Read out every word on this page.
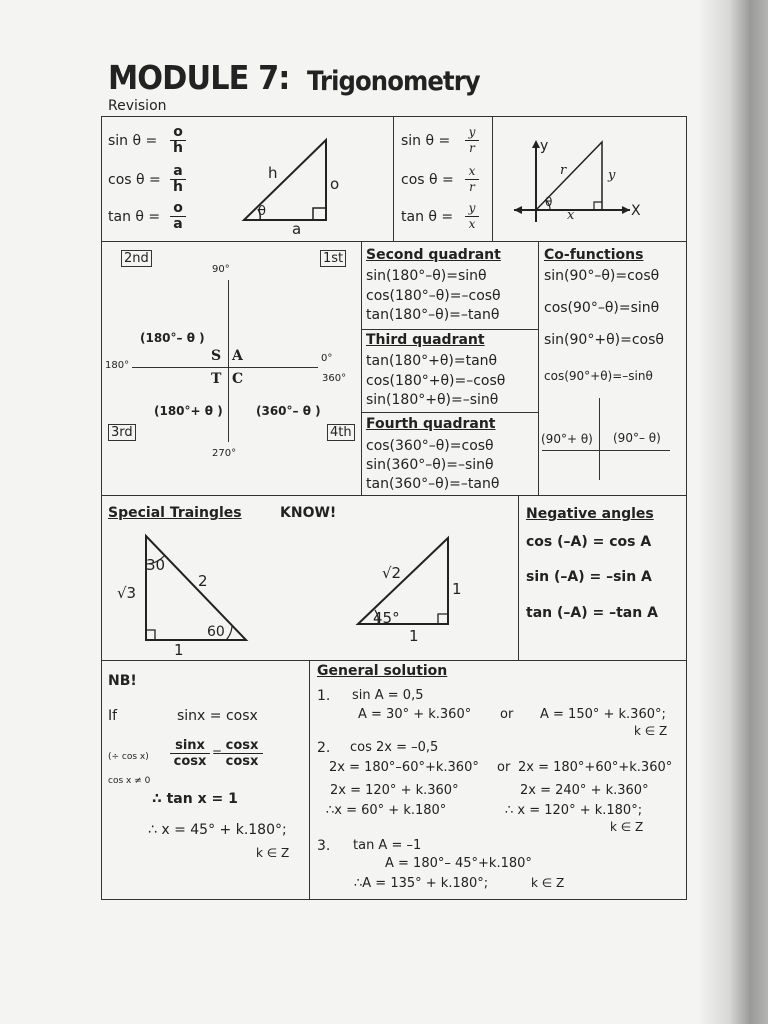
MODULE 7: Trigonometry
Revision
$\sin \theta = \frac{o}{h}$
$\cos \theta = \frac{a}{h}$
$\tan \theta = \frac{o}{a}$
h
o
a
θ
$\sin \theta = \frac{y}{r}$
$\cos \theta = \frac{x}{r}$
$\tan \theta = \frac{y}{x}$
y
X
r	y
x
θ
2nd	1st
3rd	4th
90°
180°
0°
360°
270°
S A
T C
(180°– θ )
(180°+ θ )	(360°– θ )
Second quadrant
sin(180°–θ)=sinθ
cos(180°–θ)=–cosθ
tan(180°–θ)=–tanθ
Third quadrant
tan(180°+θ)=tanθ
cos(180°+θ)=–cosθ
sin(180°+θ)=–sinθ
Fourth quadrant
cos(360°–θ)=cosθ
sin(360°–θ)=–sinθ
tan(360°–θ)=–tanθ
Co-functions
sin(90°–θ)=cosθ
cos(90°–θ)=sinθ
sin(90°+θ)=cosθ
cos(90°+θ)=–sinθ
(90°+ θ) (90°– θ)
Special Traingles	KNOW!
30
2
√3
60
1
√2
1
45°
1
Negative angles
cos (–A) = cos A
sin (–A) = –sin A
tan (–A) = –tan A
NB!
If	sinx = cosx
(÷ $\cos x) \frac{\sin x}{\cos x}$ =
$\frac{\cos x}{\cos x}$
cos x ≠ 0
∴ tan x = 1
∴ x = 45° + k.180°;
k ∈ Z
General solution
1. sin A = 0,5
A = 30° + k.360° or A = 150° + k.360°;
k ∈ Z
2. cos 2x = –0,5
2x = 180°–60°+k.360° or 2x = 180°+60°+k.360°
2x = 120° + k.360°	2x = 240° + k.360°
∴x = 60° + k.180°	∴ x = 120° + k.180°;
k ∈ Z
3. tan A = –1
A = 180°– 45°+k.180°
∴A = 135° + k.180°;	k ∈ Z
